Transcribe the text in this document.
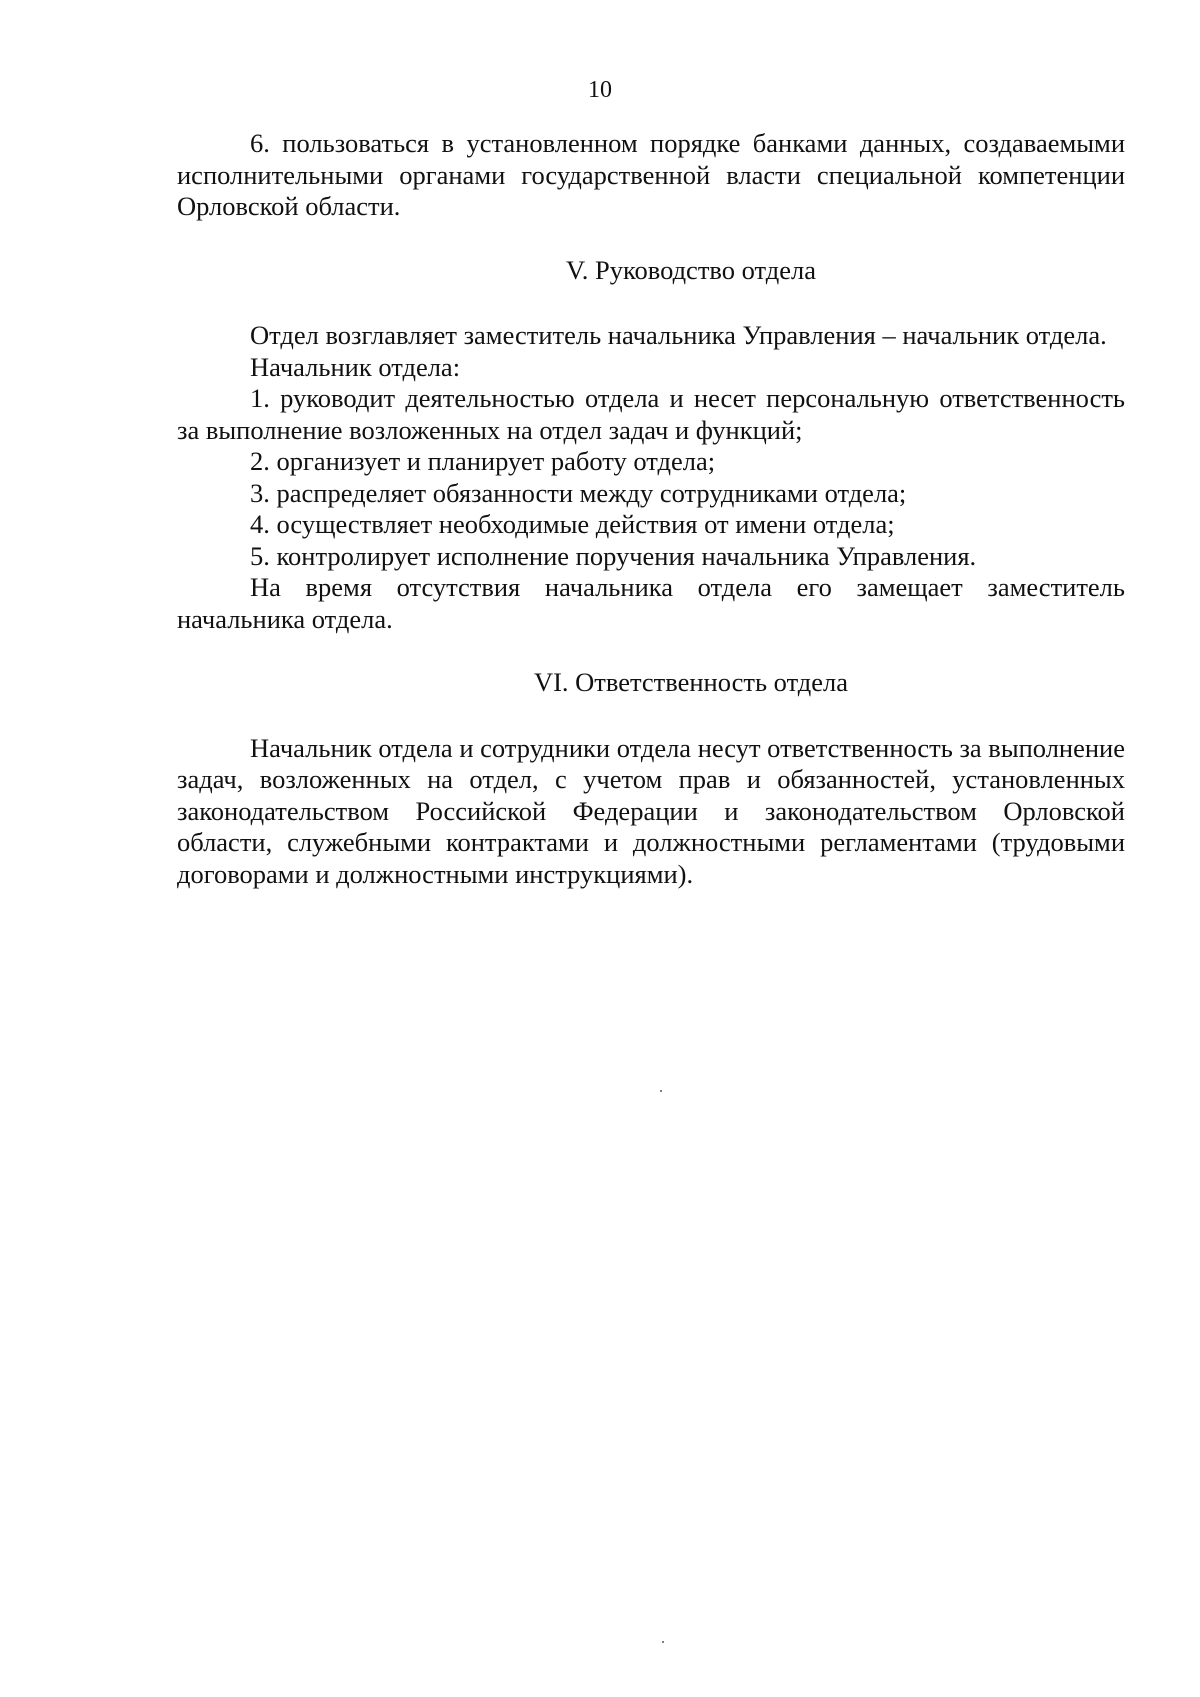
10

6. пользоваться в установленном порядке банками данных, создаваемыми исполнительными органами государственной власти специальной компетенции Орловской области.

V. Руководство отдела

Отдел возглавляет заместитель начальника Управления – начальник отдела.

Начальник отдела:

1. руководит деятельностью отдела и несет персональную ответственность за выполнение возложенных на отдел задач и функций;

2. организует и планирует работу отдела;

3. распределяет обязанности между сотрудниками отдела;

4. осуществляет необходимые действия от имени отдела;

5. контролирует исполнение поручения начальника Управления.

На время отсутствия начальника отдела его замещает заместитель начальника отдела.

VI. Ответственность отдела

Начальник отдела и сотрудники отдела несут ответственность за выполнение задач, возложенных на отдел, с учетом прав и обязанностей, установленных законодательством Российской Федерации и законодательством Орловской области, служебными контрактами и должностными регламентами (трудовыми договорами и должностными инструкциями).
